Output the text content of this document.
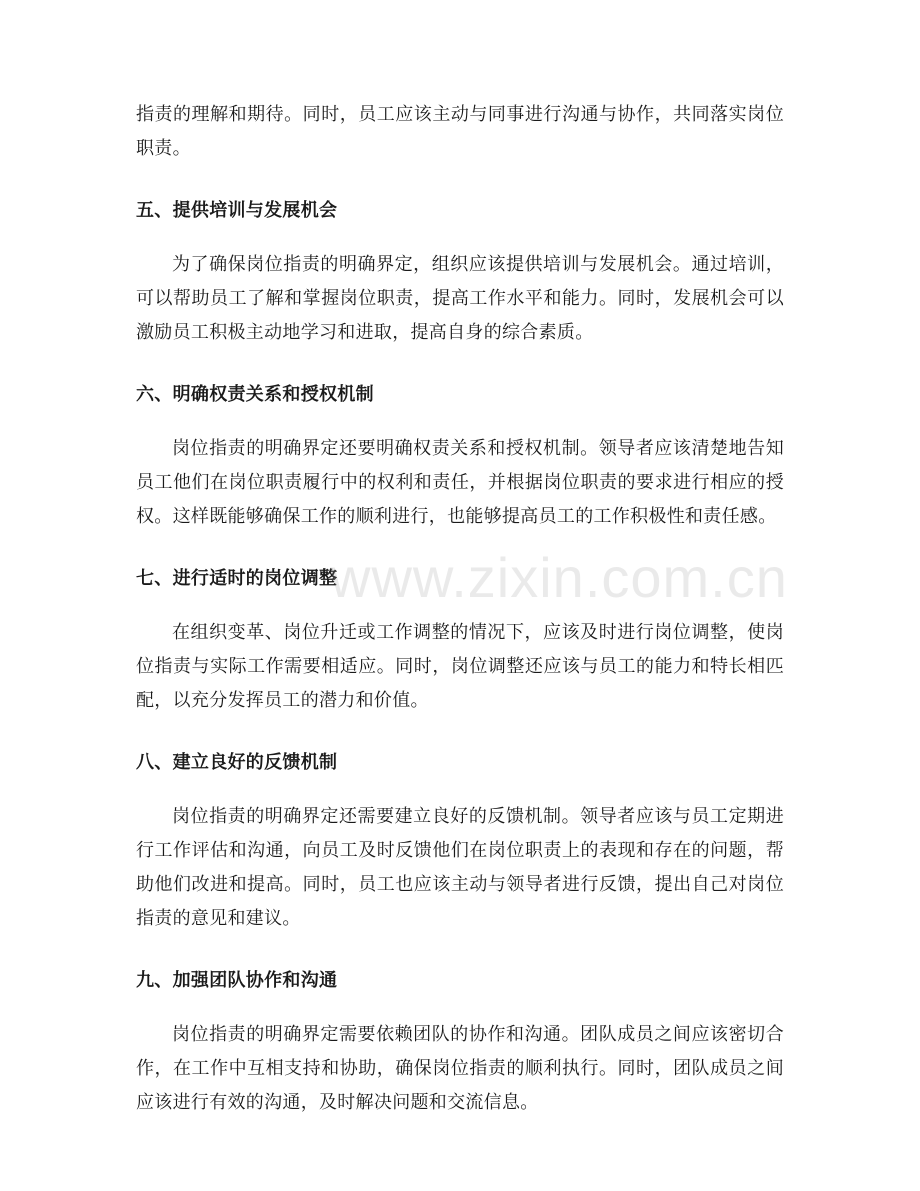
指责的理解和期待。同时，员工应该主动与同事进行沟通与协作，共同落实岗位职责。

五、提供培训与发展机会

为了确保岗位指责的明确界定，组织应该提供培训与发展机会。通过培训，可以帮助员工了解和掌握岗位职责，提高工作水平和能力。同时，发展机会可以激励员工积极主动地学习和进取，提高自身的综合素质。

六、明确权责关系和授权机制

岗位指责的明确界定还要明确权责关系和授权机制。领导者应该清楚地告知员工他们在岗位职责履行中的权利和责任，并根据岗位职责的要求进行相应的授权。这样既能够确保工作的顺利进行，也能够提高员工的工作积极性和责任感。

七、进行适时的岗位调整

在组织变革、岗位升迁或工作调整的情况下，应该及时进行岗位调整，使岗位指责与实际工作需要相适应。同时，岗位调整还应该与员工的能力和特长相匹配，以充分发挥员工的潜力和价值。

八、建立良好的反馈机制

岗位指责的明确界定还需要建立良好的反馈机制。领导者应该与员工定期进行工作评估和沟通，向员工及时反馈他们在岗位职责上的表现和存在的问题，帮助他们改进和提高。同时，员工也应该主动与领导者进行反馈，提出自己对岗位指责的意见和建议。

九、加强团队协作和沟通

岗位指责的明确界定需要依赖团队的协作和沟通。团队成员之间应该密切合作，在工作中互相支持和协助，确保岗位指责的顺利执行。同时，团队成员之间应该进行有效的沟通，及时解决问题和交流信息。

www.zixin.com.cn
